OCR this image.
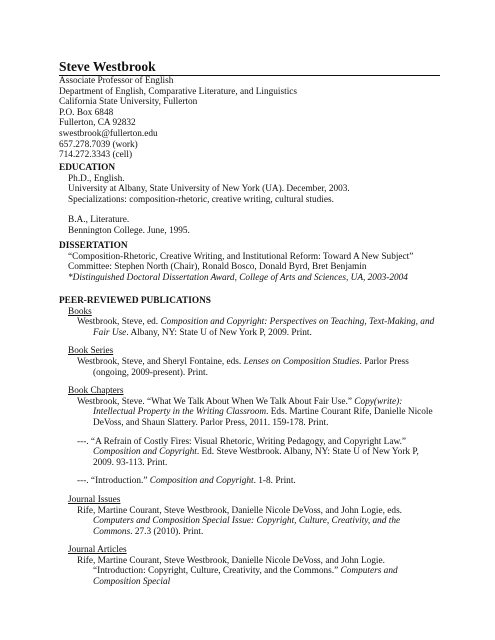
Steve Westbrook

Associate Professor of English

Department of English, Comparative Literature, and Linguistics

California State University, Fullerton

P.O. Box 6848

Fullerton, CA 92832

swestbrook@fullerton.edu

657.278.7039 (work)

714.272.3343 (cell)

EDUCATION

Ph.D., English.

University at Albany, State University of New York (UA). December, 2003.

Specializations: composition-rhetoric, creative writing, cultural studies.

B.A., Literature.

Bennington College. June, 1995.

DISSERTATION

“Composition-Rhetoric, Creative Writing, and Institutional Reform: Toward A New Subject”

Committee: Stephen North (Chair), Ronald Bosco, Donald Byrd, Bret Benjamin

*Distinguished Doctoral Dissertation Award, College of Arts and Sciences, UA, 2003-2004

PEER-REVIEWED PUBLICATIONS

Books

Westbrook, Steve, ed. Composition and Copyright: Perspectives on Teaching, Text-Making, and Fair Use. Albany, NY: State U of New York P, 2009. Print.

Book Series

Westbrook, Steve, and Sheryl Fontaine, eds. Lenses on Composition Studies. Parlor Press (ongoing, 2009-present). Print.

Book Chapters

Westbrook, Steve. “What We Talk About When We Talk About Fair Use.” Copy(write): Intellectual Property in the Writing Classroom. Eds. Martine Courant Rife, Danielle Nicole DeVoss, and Shaun Slattery. Parlor Press, 2011. 159-178. Print.

---. “A Refrain of Costly Fires: Visual Rhetoric, Writing Pedagogy, and Copyright Law.” Composition and Copyright. Ed. Steve Westbrook. Albany, NY: State U of New York P, 2009. 93-113. Print.

---. “Introduction.” Composition and Copyright. 1-8. Print.

Journal Issues

Rife, Martine Courant, Steve Westbrook, Danielle Nicole DeVoss, and John Logie, eds. Computers and Composition Special Issue: Copyright, Culture, Creativity, and the Commons. 27.3 (2010). Print.

Journal Articles

Rife, Martine Courant, Steve Westbrook, Danielle Nicole DeVoss, and John Logie. “Introduction: Copyright, Culture, Creativity, and the Commons.” Computers and Composition Special
